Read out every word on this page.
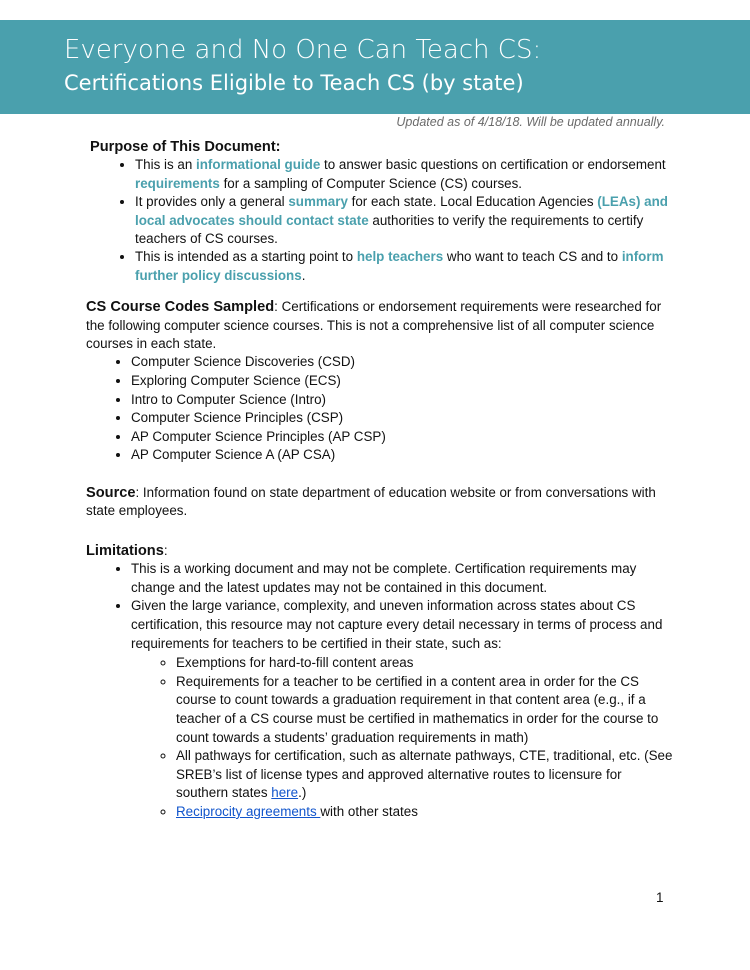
Everyone and No One Can Teach CS:
Certifications Eligible to Teach CS (by state)
Updated as of 4/18/18. Will be updated annually.
Purpose of This Document:
• This is an informational guide to answer basic questions on certification or endorsement requirements for a sampling of Computer Science (CS) courses.
• It provides only a general summary for each state. Local Education Agencies (LEAs) and local advocates should contact state authorities to verify the requirements to certify teachers of CS courses.
• This is intended as a starting point to help teachers who want to teach CS and to inform further policy discussions.
CS Course Codes Sampled: Certifications or endorsement requirements were researched for the following computer science courses. This is not a comprehensive list of all computer science courses in each state.
• Computer Science Discoveries (CSD)
• Exploring Computer Science (ECS)
• Intro to Computer Science (Intro)
• Computer Science Principles (CSP)
• AP Computer Science Principles (AP CSP)
• AP Computer Science A (AP CSA)
Source: Information found on state department of education website or from conversations with state employees.
Limitations:
• This is a working document and may not be complete. Certification requirements may change and the latest updates may not be contained in this document.
• Given the large variance, complexity, and uneven information across states about CS certification, this resource may not capture every detail necessary in terms of process and requirements for teachers to be certified in their state, such as:
◦ Exemptions for hard-to-fill content areas
◦ Requirements for a teacher to be certified in a content area in order for the CS course to count towards a graduation requirement in that content area (e.g., if a teacher of a CS course must be certified in mathematics in order for the course to count towards a students’ graduation requirements in math)
◦ All pathways for certification, such as alternate pathways, CTE, traditional, etc. (See SREB’s list of license types and approved alternative routes to licensure for southern states here.)
◦ Reciprocity agreements with other states
1
